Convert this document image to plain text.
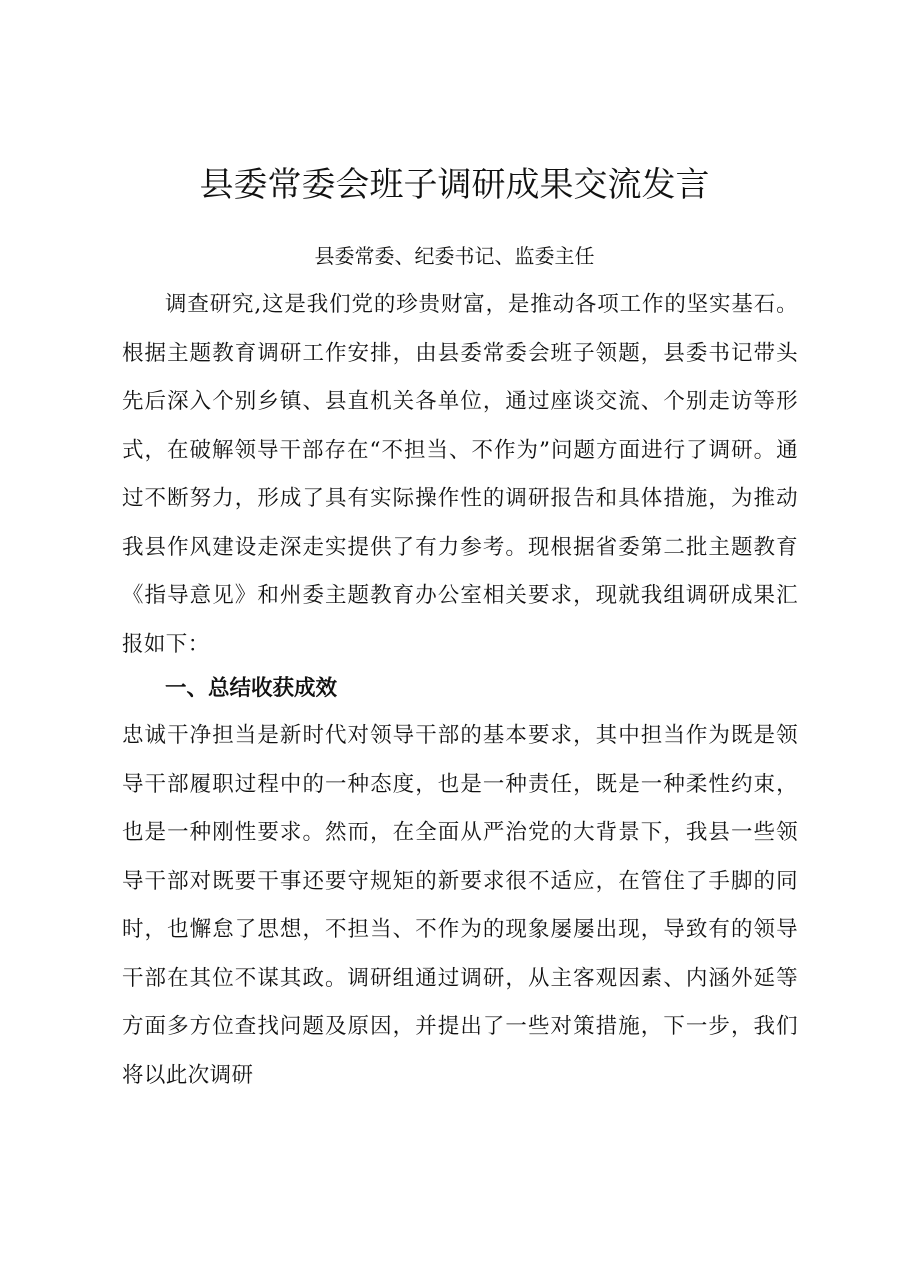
县委常委会班子调研成果交流发言

县委常委、纪委书记、监委主任

调查研究,这是我们党的珍贵财富，是推动各项工作的坚实基石。根据主题教育调研工作安排，由县委常委会班子领题，县委书记带头先后深入个别乡镇、县直机关各单位，通过座谈交流、个别走访等形式，在破解领导干部存在“不担当、不作为”问题方面进行了调研。通过不断努力，形成了具有实际操作性的调研报告和具体措施，为推动我县作风建设走深走实提供了有力参考。现根据省委第二批主题教育《指导意见》和州委主题教育办公室相关要求，现就我组调研成果汇报如下：

一、总结收获成效

忠诚干净担当是新时代对领导干部的基本要求，其中担当作为既是领导干部履职过程中的一种态度，也是一种责任，既是一种柔性约束，也是一种刚性要求。然而，在全面从严治党的大背景下，我县一些领导干部对既要干事还要守规矩的新要求很不适应，在管住了手脚的同时，也懈怠了思想，不担当、不作为的现象屡屡出现，导致有的领导干部在其位不谋其政。调研组通过调研，从主客观因素、内涵外延等方面多方位查找问题及原因，并提出了一些对策措施，下一步，我们将以此次调研
